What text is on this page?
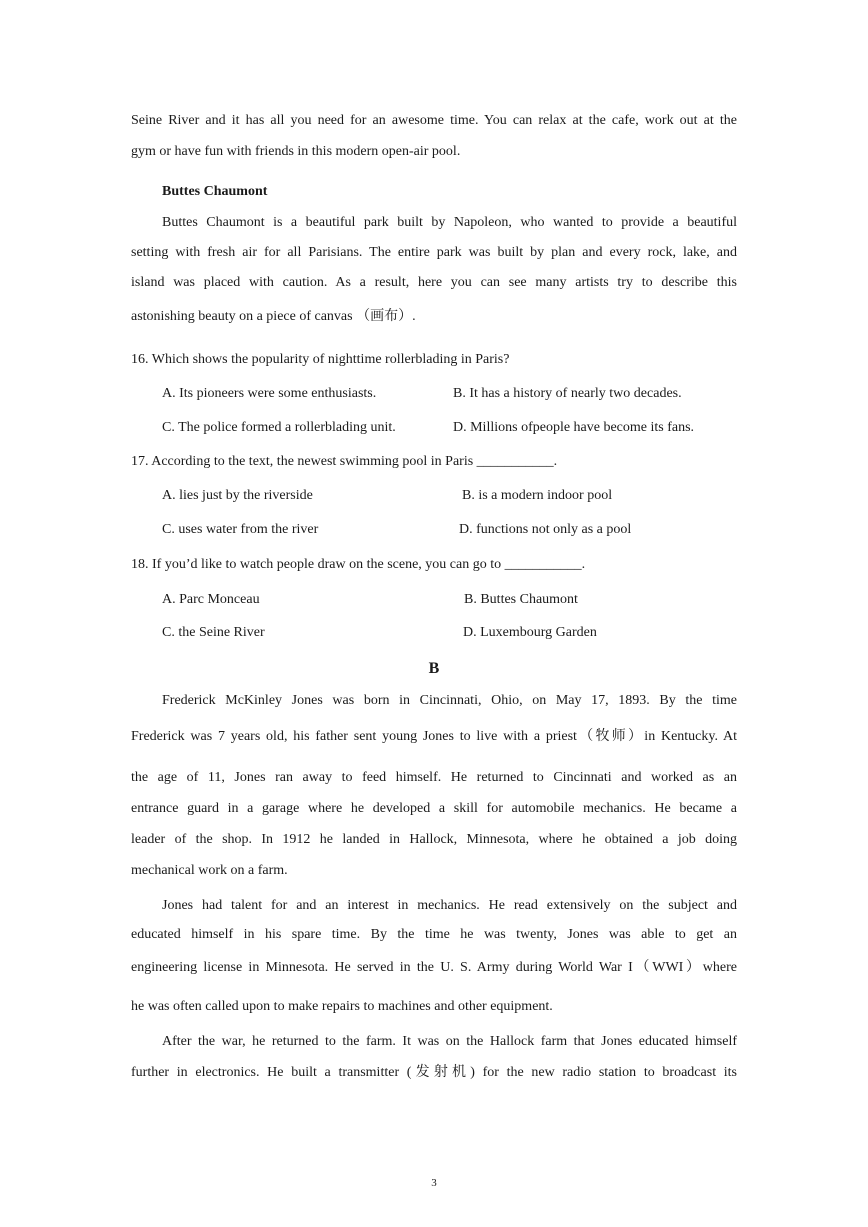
Seine River and it has all you need for an awesome time. You can relax at the cafe, work out at the
gym or have fun with friends in this modern open-air pool.
Buttes Chaumont
Buttes Chaumont is a beautiful park built by Napoleon, who wanted to provide a beautiful
setting with fresh air for all Parisians. The entire park was built by plan and every rock, lake, and
island was placed with caution. As a result, here you can see many artists try to describe this
astonishing beauty on a piece of canvas （画布）.
16. Which shows the popularity of nighttime rollerblading in Paris?
A. Its pioneers were some enthusiasts.	B. It has a history of nearly two decades.
C. The police formed a rollerblading unit.	D. Millions ofpeople have become its fans.
17. According to the text, the newest swimming pool in Paris ___________.
A. lies just by the riverside	B. is a modern indoor pool
C. uses water from the river	D. functions not only as a pool
18. If you’d like to watch people draw on the scene, you can go to ___________.
A. Parc Monceau	B. Buttes Chaumont
C. the Seine River	D. Luxembourg Garden
B
Frederick McKinley Jones was born in Cincinnati, Ohio, on May 17, 1893. By the time
Frederick was 7 years old, his father sent young Jones to live with a priest（牧师）in Kentucky. At
the age of 11, Jones ran away to feed himself. He returned to Cincinnati and worked as an
entrance guard in a garage where he developed a skill for automobile mechanics. He became a
leader of the shop. In 1912 he landed in Hallock, Minnesota, where he obtained a job doing
mechanical work on a farm.
Jones had talent for and an interest in mechanics. He read extensively on the subject and
educated himself in his spare time. By the time he was twenty, Jones was able to get an
engineering license in Minnesota. He served in the U. S. Army during World War I（WWI）where
he was often called upon to make repairs to machines and other equipment.
After the war, he returned to the farm. It was on the Hallock farm that Jones educated himself
further in electronics. He built a transmitter (发射机) for the new radio station to broadcast its
3
